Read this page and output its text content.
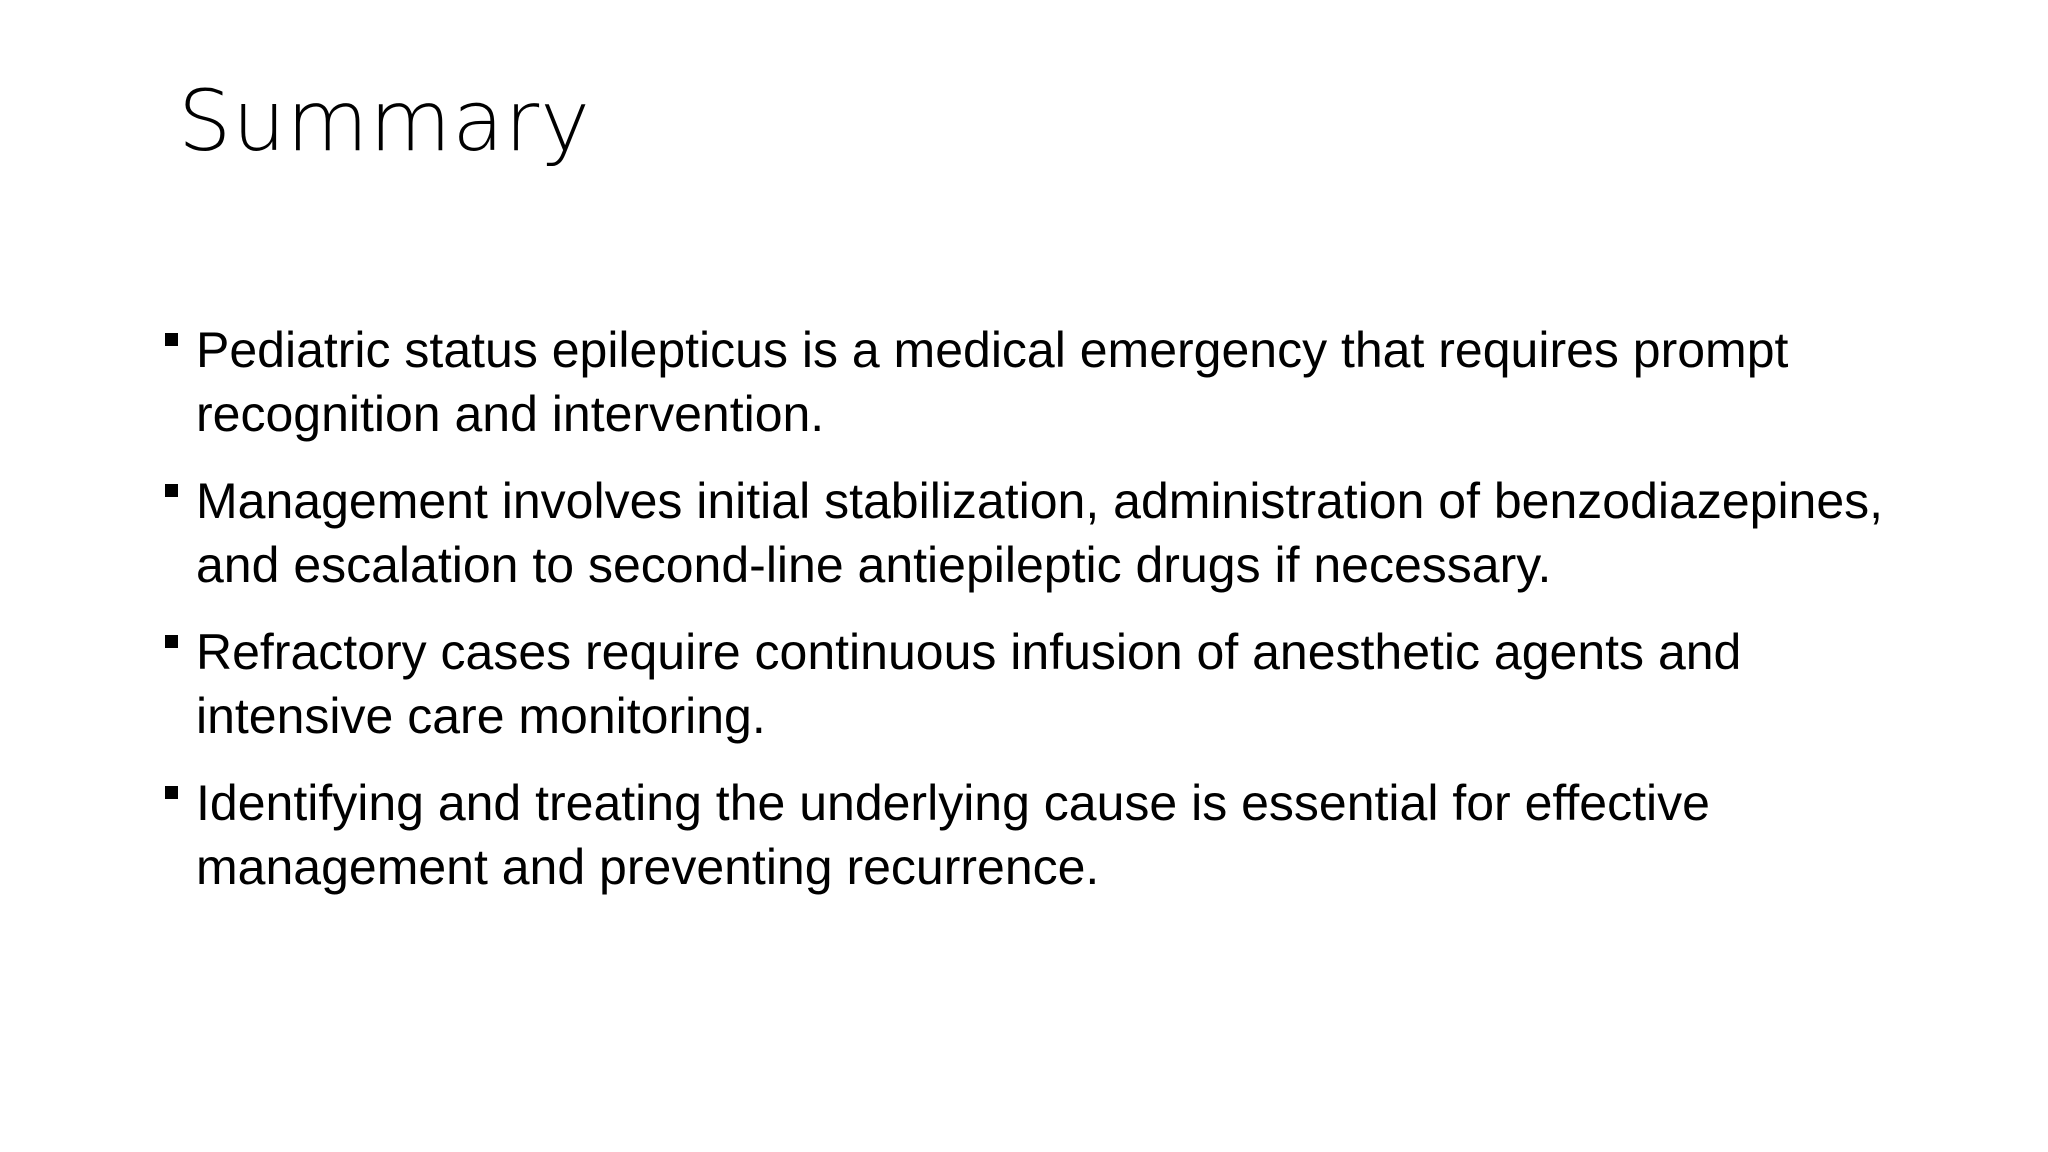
Summary
Pediatric status epilepticus is a medical emergency that requires prompt recognition and intervention.
Management involves initial stabilization, administration of benzodiazepines, and escalation to second-line antiepileptic drugs if necessary.
Refractory cases require continuous infusion of anesthetic agents and intensive care monitoring.
Identifying and treating the underlying cause is essential for effective management and preventing recurrence.
